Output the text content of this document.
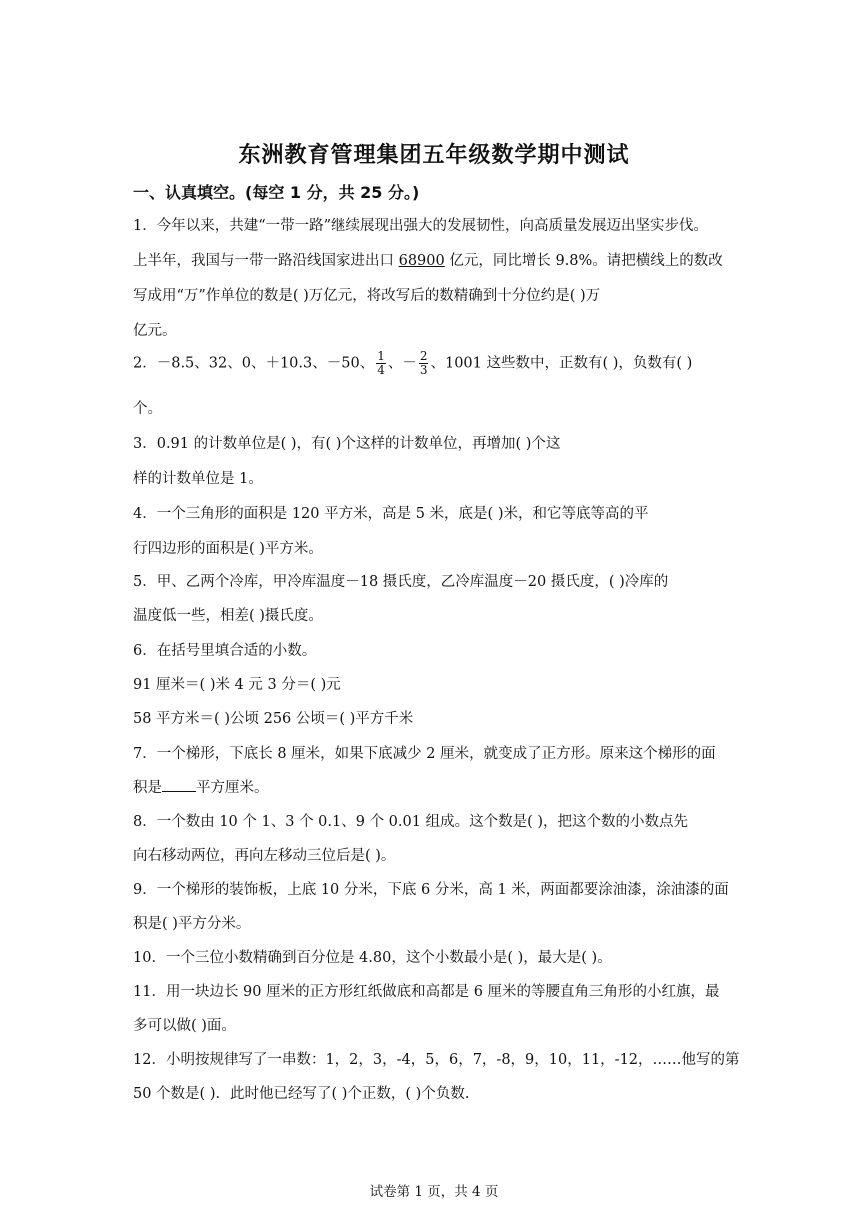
东洲教育管理集团五年级数学期中测试
一、认真填空。(每空 1 分，共 25 分。)
1．今年以来，共建“一带一路”继续展现出强大的发展韧性，向高质量发展迈出坚实步伐。
上半年，我国与一带一路沿线国家进出口 68900 亿元，同比增长 9.8%。请把横线上的数改
写成用“万”作单位的数是( )万亿元，将改写后的数精确到十分位约是( )万
亿元。
2．－8.5、32、0、＋10.3、－50、 $\frac{1}{4}$ 、－ $\frac{2}{3}$ 、1001 这些数中，正数有( )，负数有( )
个。
3．0.91 的计数单位是( )，有( )个这样的计数单位，再增加( )个这
样的计数单位是 1。
4．一个三角形的面积是 120 平方米，高是 5 米，底是( )米，和它等底等高的平
行四边形的面积是( )平方米。
5．甲、乙两个冷库，甲冷库温度－18 摄氏度，乙冷库温度－20 摄氏度，( )冷库的
温度低一些，相差( )摄氏度。
6．在括号里填合适的小数。
91 厘米＝( )米 4 元 3 分＝( )元
58 平方米＝( )公顷 256 公顷＝( )平方千米
7．一个梯形，下底长 8 厘米，如果下底减少 2 厘米，就变成了正方形。原来这个梯形的面
积是 平方厘米。
8．一个数由 10 个 1、3 个 0.1、9 个 0.01 组成。这个数是( )，把这个数的小数点先
向右移动两位，再向左移动三位后是( )。
9．一个梯形的装饰板，上底 10 分米，下底 6 分米，高 1 米，两面都要涂油漆，涂油漆的面
积是( )平方分米。
10．一个三位小数精确到百分位是 4.80，这个小数最小是( )，最大是( )。
11．用一块边长 90 厘米的正方形红纸做底和高都是 6 厘米的等腰直角三角形的小红旗，最
多可以做( )面。
12．小明按规律写了一串数：1，2，3，-4，5，6，7，-8，9，10，11，-12，……他写的第
50 个数是( )．此时他已经写了( )个正数，( )个负数.
试卷第 1 页，共 4 页
